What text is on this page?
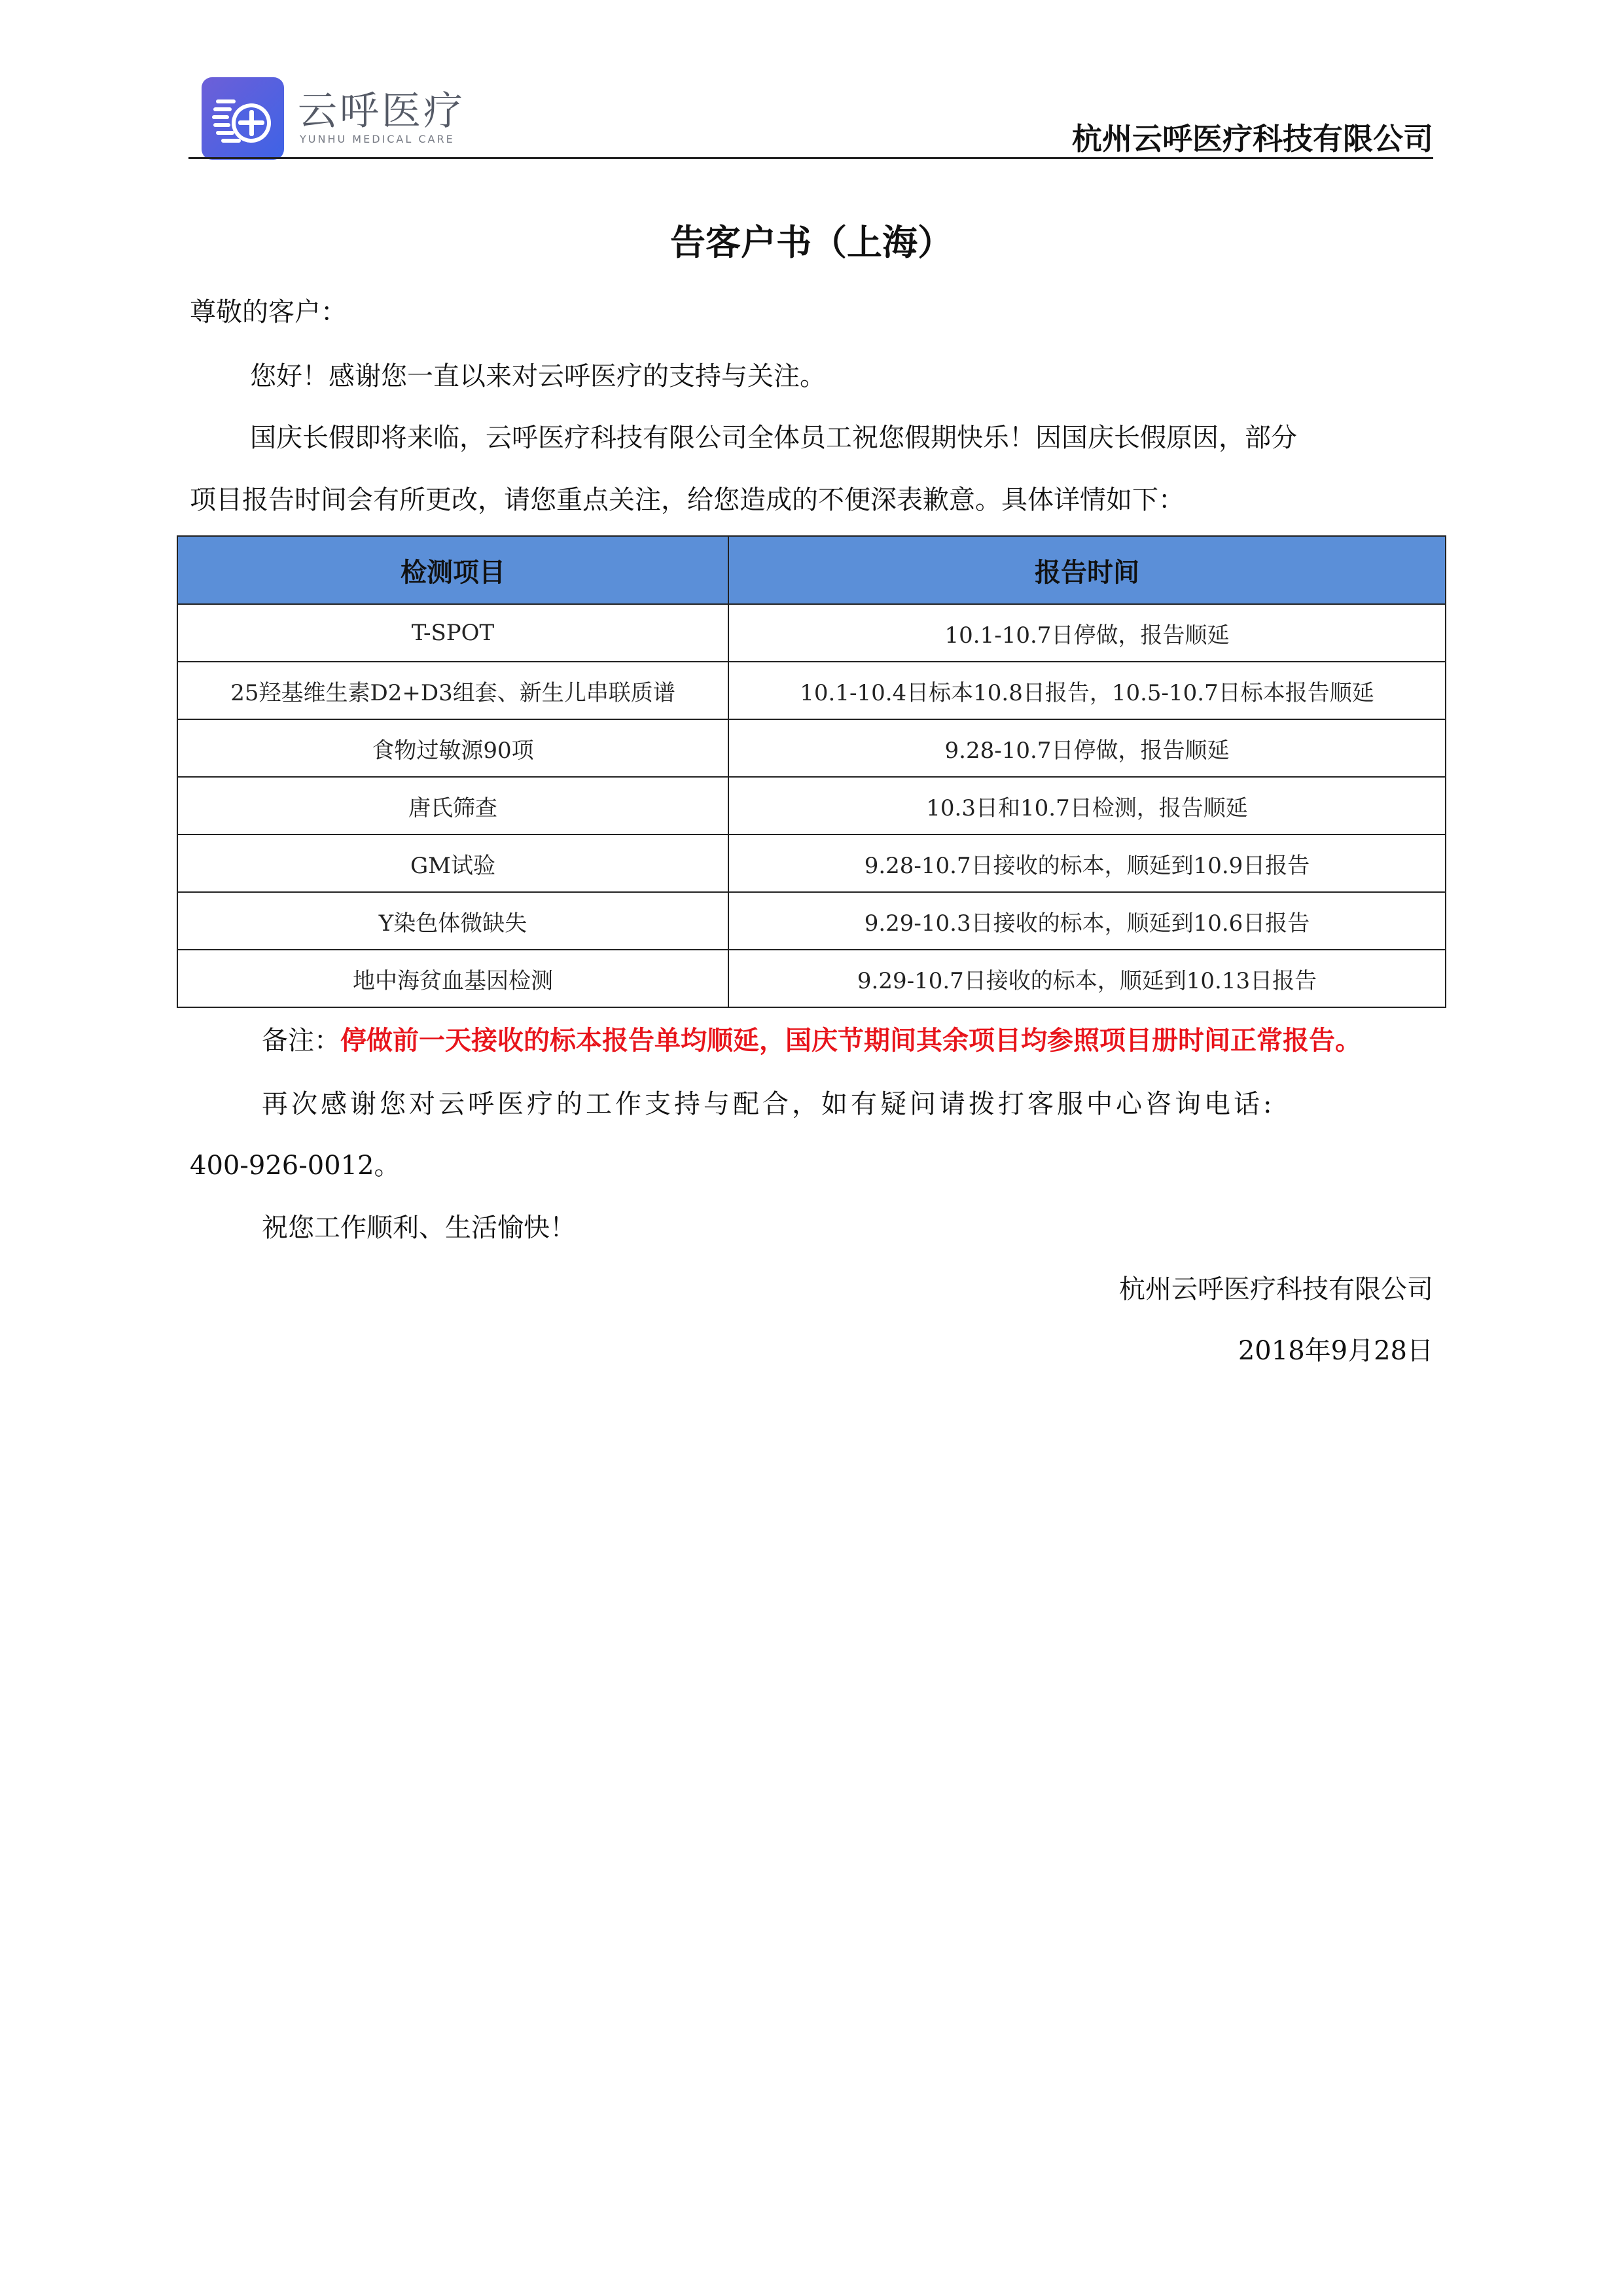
云呼医疗
YUNHU MEDICAL CARE	杭州云呼医疗科技有限公司
告客户书（上海）
尊敬的客户：
您好！感谢您一直以来对云呼医疗的支持与关注。
国庆长假即将来临，云呼医疗科技有限公司全体员工祝您假期快乐！因国庆长假原因，部分
项目报告时间会有所更改，请您重点关注，给您造成的不便深表歉意。具体详情如下：
检测项目	报告时间
T-SPOT	10.1-10.7日停做，报告顺延
25羟基维生素D2+D3组套、新生儿串联质谱	10.1-10.4日标本10.8日报告，10.5-10.7日标本报告顺延
食物过敏源90项	9.28-10.7日停做，报告顺延
唐氏筛查	10.3日和10.7日检测，报告顺延
GM试验	9.28-10.7日接收的标本，顺延到10.9日报告
Y染色体微缺失	9.29-10.3日接收的标本，顺延到10.6日报告
地中海贫血基因检测	9.29-10.7日接收的标本，顺延到10.13日报告
备注：停做前一天接收的标本报告单均顺延，国庆节期间其余项目均参照项目册时间正常报告。
再次感谢您对云呼医疗的工作支持与配合，如有疑问请拨打客服中心咨询电话:
400-926-0012。
祝您工作顺利、生活愉快！
杭州云呼医疗科技有限公司
2018年9月28日
